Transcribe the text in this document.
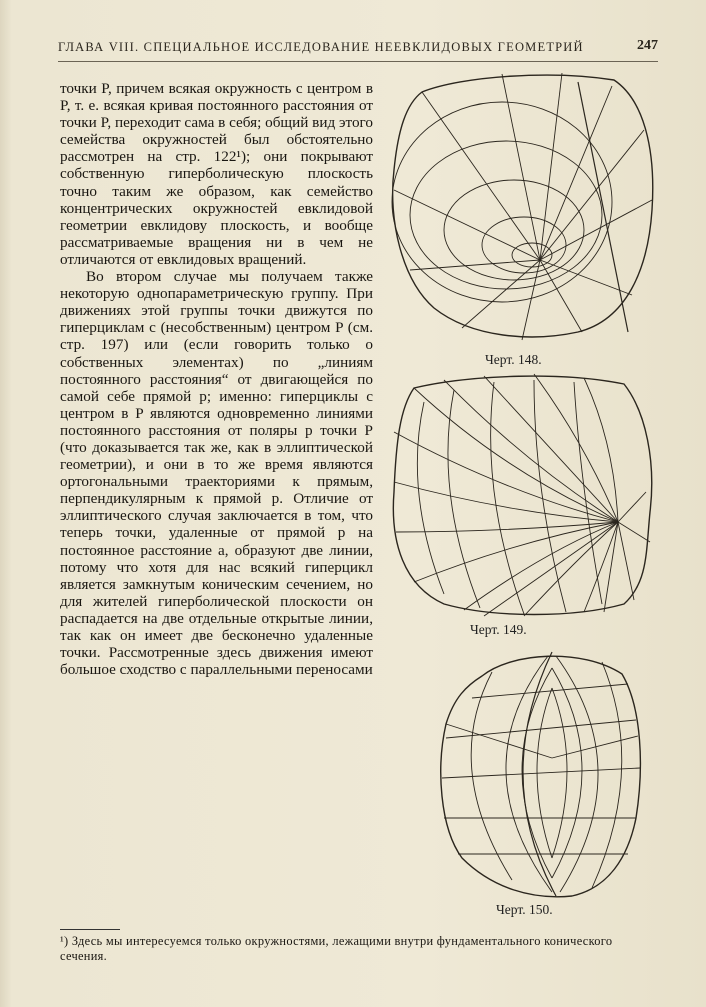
ГЛАВА VIII. СПЕЦИАЛЬНОЕ ИССЛЕДОВАНИЕ НЕЕВКЛИДОВЫХ ГЕОМЕТРИЙ	247

точки P, причем всякая окружность с центром в P, т. е. всякая кривая постоянного расстояния от точки P, переходит сама в себя; общий вид этого семейства окружностей был обстоятельно рассмотрен на стр. 122¹); они покрывают собственную гиперболическую плоскость точно таким же образом, как семейство концентрических окружностей евклидовой геометрии евклидову плоскость, и вообще рассматриваемые вращения ни в чем не отличаются от евклидовых вращений.

Во втором случае мы получаем также некоторую однопараметрическую группу. При движениях этой группы точки движутся по гиперциклам с (несобственным) центром P (см. стр. 197) или (если говорить только о собственных элементах) по „линиям постоянного расстояния“ от двигающейся по самой себе прямой p; именно: гиперциклы с центром в P являются одновременно линиями постоянного расстояния от поляры p точки P (что доказывается так же, как в эллиптической геометрии), и они в то же время являются ортогональными траекториями к прямым, перпендикулярным к прямой p. Отличие от эллиптического случая заключается в том, что теперь точки, удаленные от прямой p на постоянное расстояние a, образуют две линии, потому что хотя для нас всякий гиперцикл является замкнутым коническим сечением, но для жителей гиперболической плоскости он распадается на две отдельные открытые линии, так как он имеет две бесконечно удаленные точки. Рассмотренные здесь движения имеют большое сходство с параллельными переносами

Черт. 148.
Черт. 149.
Черт. 150.
¹) Здесь мы интересуемся только окружностями, лежащими внутри фундаментального конического сечения.
